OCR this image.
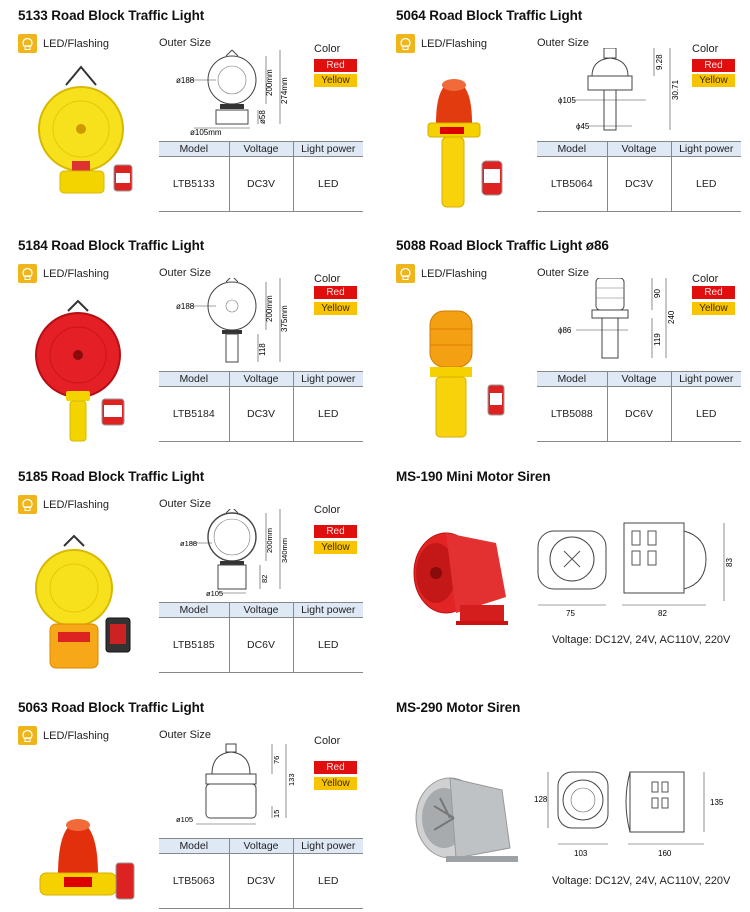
5133 Road Block Traffic Light
LED/Flashing	Outer Size	Color
Red
Yellow
ø188	200mm 274mm
ø58
ø105mm
Model	Voltage	Light power
LTB5133	DC3V	LED
5064 Road Block Traffic Light
LED/Flashing	Outer Size	Color
Red
Yellow
9.28
30.71
ϕ105
ϕ45
Model	Voltage	Light power
LTB5064	DC3V	LED
5184 Road Block Traffic Light
LED/Flashing	Outer Size	Color
Red
Yellow
ø188	200mm 375mm
118
Model	Voltage	Light power
LTB5184	DC3V	LED
5088 Road Block Traffic Light ø86
LED/Flashing	Outer Size	Color
Red
Yellow
90
240
119
ϕ86
Model	Voltage	Light power
LTB5088	DC6V	LED
5185 Road Block Traffic Light
LED/Flashing	Outer Size	Color
Red
Yellow
ø188	200mm 340mm
82
ø105
Model	Voltage	Light power
LTB5185	DC6V	LED
MS-190 Mini Motor Siren
75	82
83
Voltage: DC12V, 24V, AC110V, 220V
5063 Road Block Traffic Light
LED/Flashing	Outer Size	Color
Red
Yellow
76
133
15
ø105
Model	Voltage	Light power
LTB5063	DC3V	LED
MS-290 Motor Siren
128
103	160
135
Voltage: DC12V, 24V, AC110V, 220V
